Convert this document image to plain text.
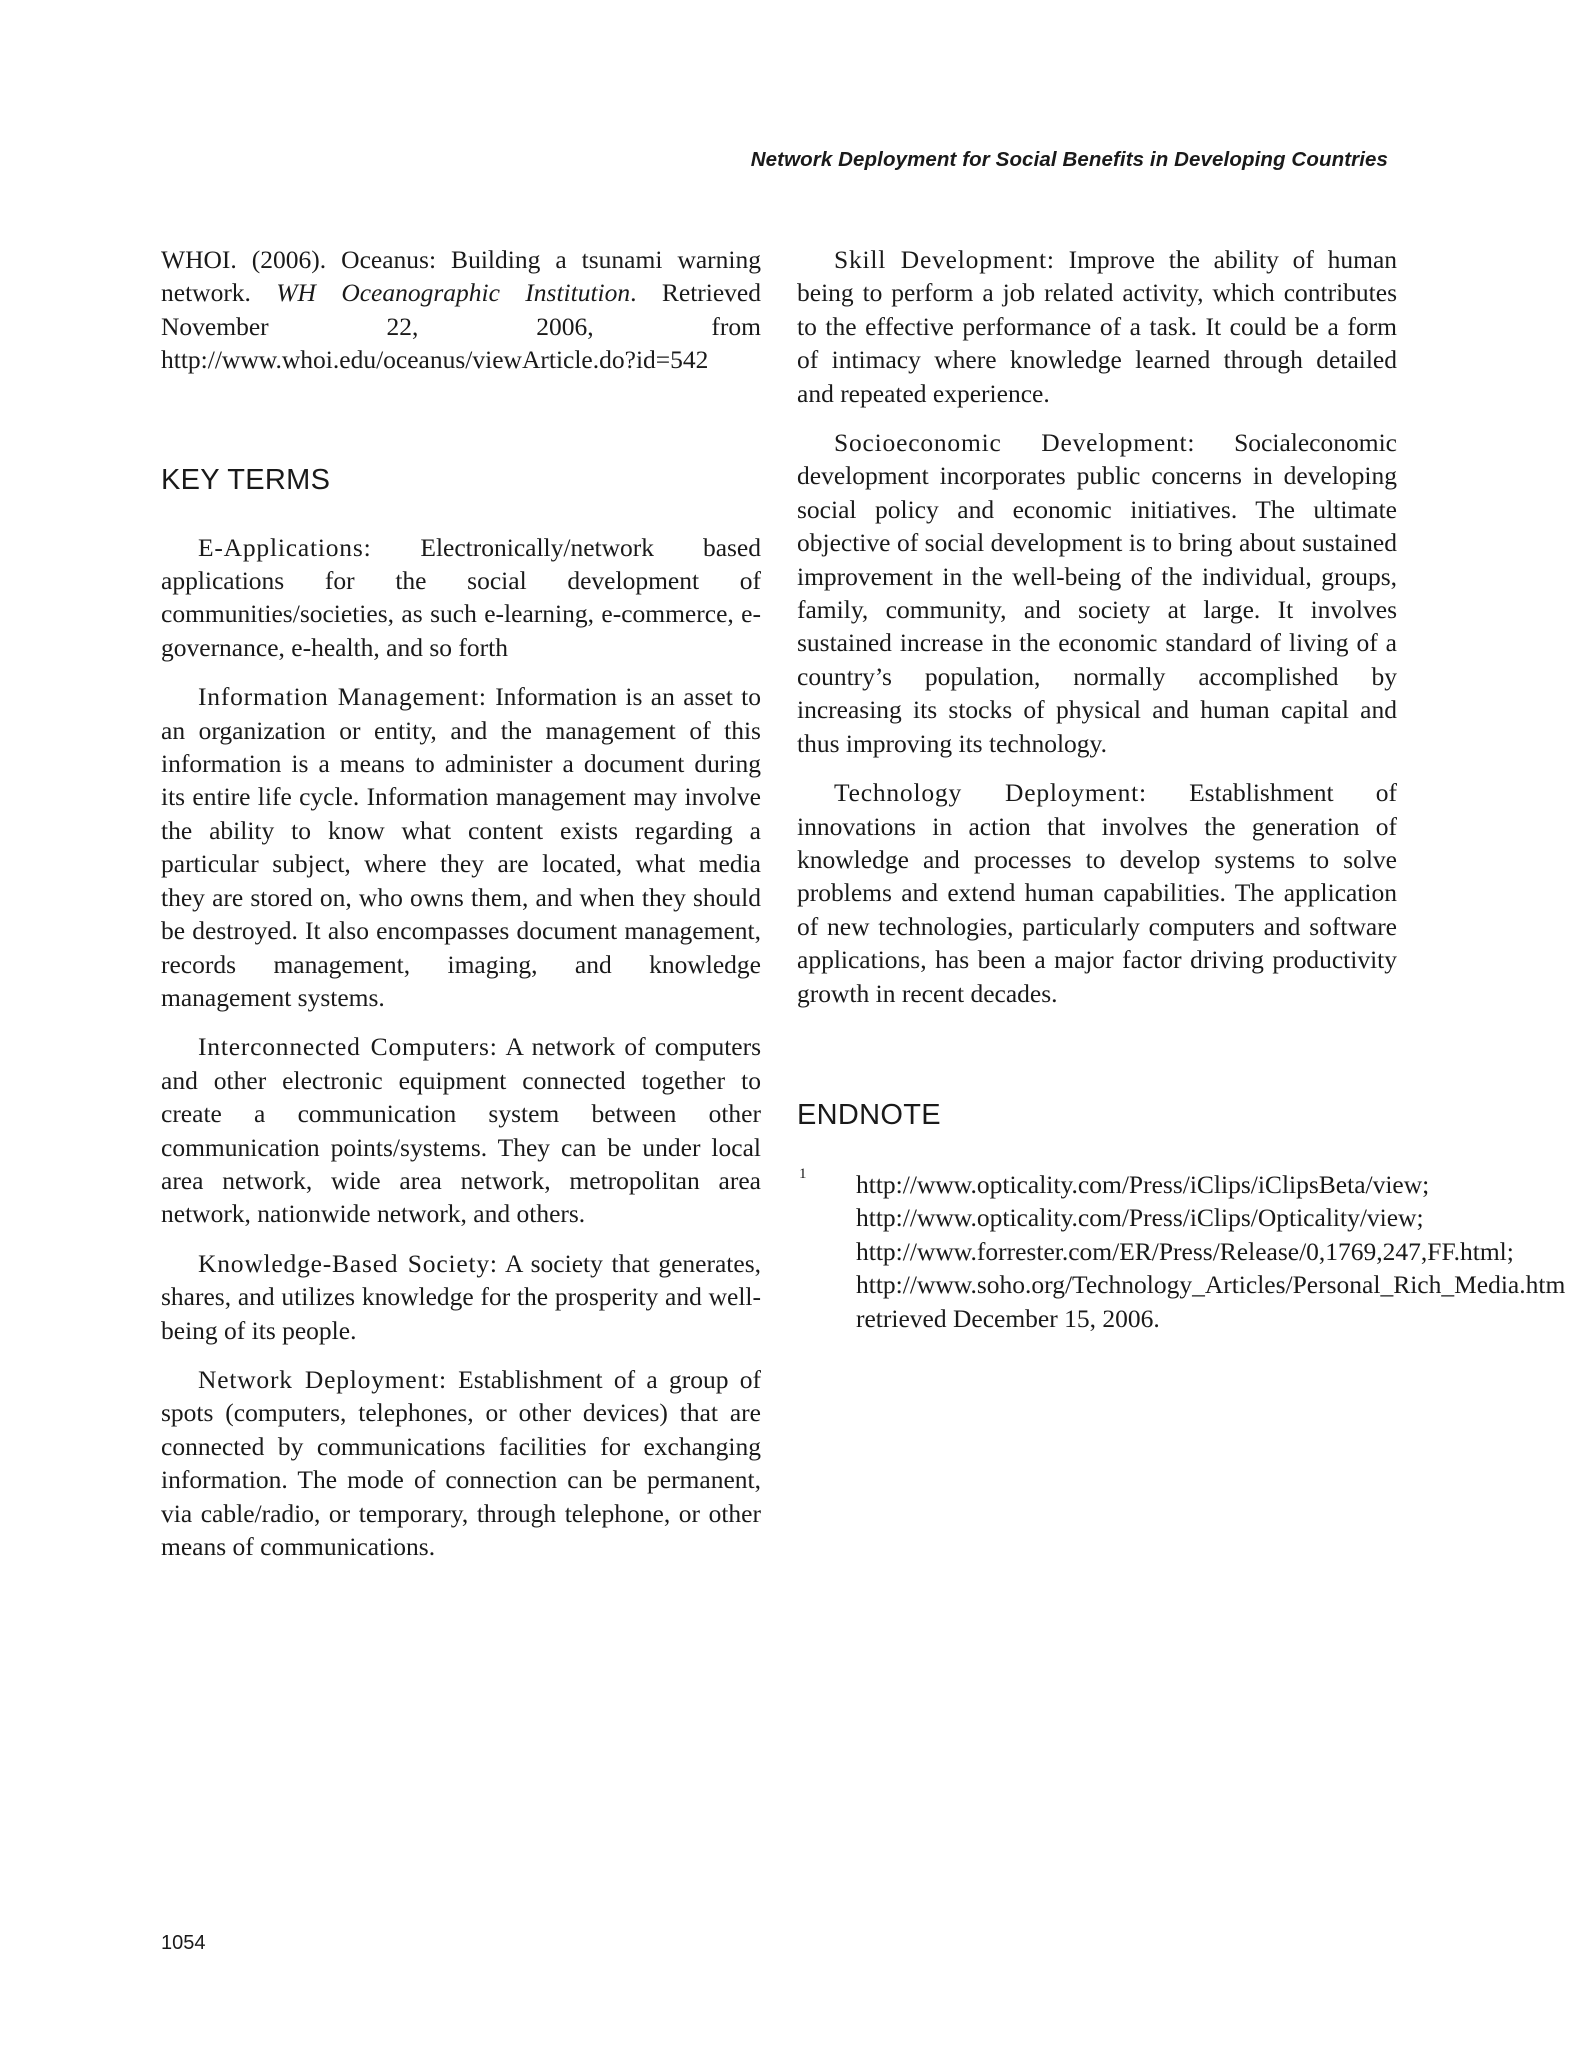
Network Deployment for Social Benefits in Developing Countries

WHOI. (2006). Oceanus: Building a tsunami warning network. WH Oceanographic Institution. Retrieved November 22, 2006, from http://www.whoi.edu/oceanus/viewArticle.do?id=542

KEY TERMS

E-Applications: Electronically/network based applications for the social development of communities/societies, as such e-learning, e-commerce, e-governance, e-health, and so forth

Information Management: Information is an asset to an organization or entity, and the management of this information is a means to administer a document during its entire life cycle. Information management may involve the ability to know what content exists regarding a particular subject, where they are located, what media they are stored on, who owns them, and when they should be destroyed. It also encompasses document management, records management, imaging, and knowledge management systems.

Interconnected Computers: A network of computers and other electronic equipment connected together to create a communication system between other communication points/systems. They can be under local area network, wide area network, metropolitan area network, nationwide network, and others.

Knowledge-Based Society: A society that generates, shares, and utilizes knowledge for the prosperity and well-being of its people.

Network Deployment: Establishment of a group of spots (computers, telephones, or other devices) that are connected by communications facilities for exchanging information. The mode of connection can be permanent, via cable/radio, or temporary, through telephone, or other means of communications.

Skill Development: Improve the ability of human being to perform a job related activity, which contributes to the effective performance of a task. It could be a form of intimacy where knowledge learned through detailed and repeated experience.

Socioeconomic Development: Socialeconomic development incorporates public concerns in developing social policy and economic initiatives. The ultimate objective of social development is to bring about sustained improvement in the well-being of the individual, groups, family, community, and society at large. It involves sustained increase in the economic standard of living of a country’s population, normally accomplished by increasing its stocks of physical and human capital and thus improving its technology.

Technology Deployment: Establishment of innovations in action that involves the generation of knowledge and processes to develop systems to solve problems and extend human capabilities. The application of new technologies, particularly computers and software applications, has been a major factor driving productivity growth in recent decades.

ENDNOTE

1 http://www.opticality.com/Press/iClips/iClipsBeta/view; http://www.opticality.com/Press/iClips/Opticality/view; http://www.forrester.com/ER/Press/Release/0,1769,247,FF.html; http://www.soho.org/Technology_Articles/Personal_Rich_Media.htm retrieved December 15, 2006.

1054
